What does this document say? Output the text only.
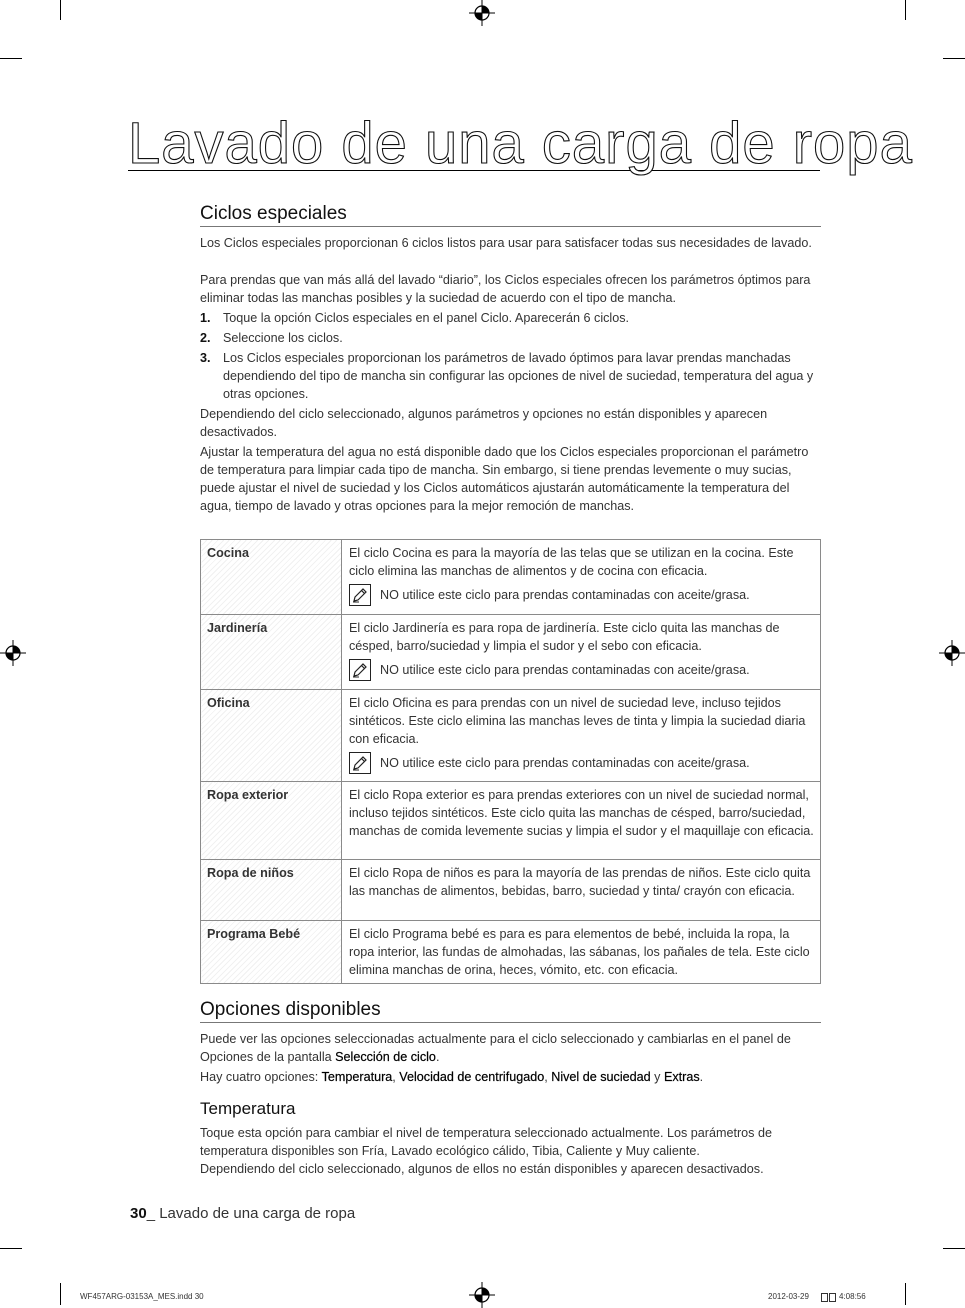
Lavado de una carga de ropa
Ciclos especiales

Los Ciclos especiales proporcionan 6 ciclos listos para usar para satisfacer todas sus necesidades de lavado.

Para prendas que van más allá del lavado “diario”, los Ciclos especiales ofrecen los parámetros óptimos para eliminar todas las manchas posibles y la suciedad de acuerdo con el tipo de mancha.

1. Toque la opción Ciclos especiales en el panel Ciclo. Aparecerán 6 ciclos.
2. Seleccione los ciclos.
3. Los Ciclos especiales proporcionan los parámetros de lavado óptimos para lavar prendas manchadas dependiendo del tipo de mancha sin configurar las opciones de nivel de suciedad, temperatura del agua y otras opciones.

Dependiendo del ciclo seleccionado, algunos parámetros y opciones no están disponibles y aparecen desactivados.

Ajustar la temperatura del agua no está disponible dado que los Ciclos especiales proporcionan el parámetro de temperatura para limpiar cada tipo de mancha. Sin embargo, si tiene prendas levemente o muy sucias, puede ajustar el nivel de suciedad y los Ciclos automáticos ajustarán automáticamente la temperatura del agua, tiempo de lavado y otras opciones para la mejor remoción de manchas.

Cocina	El ciclo Cocina es para la mayoría de las telas que se utilizan en la cocina. Este ciclo elimina las manchas de alimentos y de cocina con eficacia.
NO utilice este ciclo para prendas contaminadas con aceite/grasa.

Jardinería	El ciclo Jardinería es para ropa de jardinería. Este ciclo quita las manchas de césped, barro/suciedad y limpia el sudor y el sebo con eficacia.
NO utilice este ciclo para prendas contaminadas con aceite/grasa.

Oficina	El ciclo Oficina es para prendas con un nivel de suciedad leve, incluso tejidos sintéticos. Este ciclo elimina las manchas leves de tinta y limpia la suciedad diaria con eficacia.
NO utilice este ciclo para prendas contaminadas con aceite/grasa.

Ropa exterior	El ciclo Ropa exterior es para prendas exteriores con un nivel de suciedad normal, incluso tejidos sintéticos. Este ciclo quita las manchas de césped, barro/suciedad, manchas de comida levemente sucias y limpia el sudor y el maquillaje con eficacia.

Ropa de niños	El ciclo Ropa de niños es para la mayoría de las prendas de niños. Este ciclo quita las manchas de alimentos, bebidas, barro, suciedad y tinta/ crayón con eficacia.

Programa Bebé	El ciclo Programa bebé es para es para elementos de bebé, incluida la ropa, la ropa interior, las fundas de almohadas, las sábanas, los pañales de tela. Este ciclo elimina manchas de orina, heces, vómito, etc. con eficacia.
Opciones disponibles

Puede ver las opciones seleccionadas actualmente para el ciclo seleccionado y cambiarlas en el panel de Opciones de la pantalla Selección de ciclo.

Hay cuatro opciones: Temperatura, Velocidad de centrifugado, Nivel de suciedad y Extras.

Temperatura

Toque esta opción para cambiar el nivel de temperatura seleccionado actualmente. Los parámetros de temperatura disponibles son Fría, Lavado ecológico cálido, Tibia, Caliente y Muy caliente.

Dependiendo del ciclo seleccionado, algunos de ellos no están disponibles y aparecen desactivados.

30_ Lavado de una carga de ropa
WF457ARG-03153A_MES.indd 30	2012-03-29	4:08:56
